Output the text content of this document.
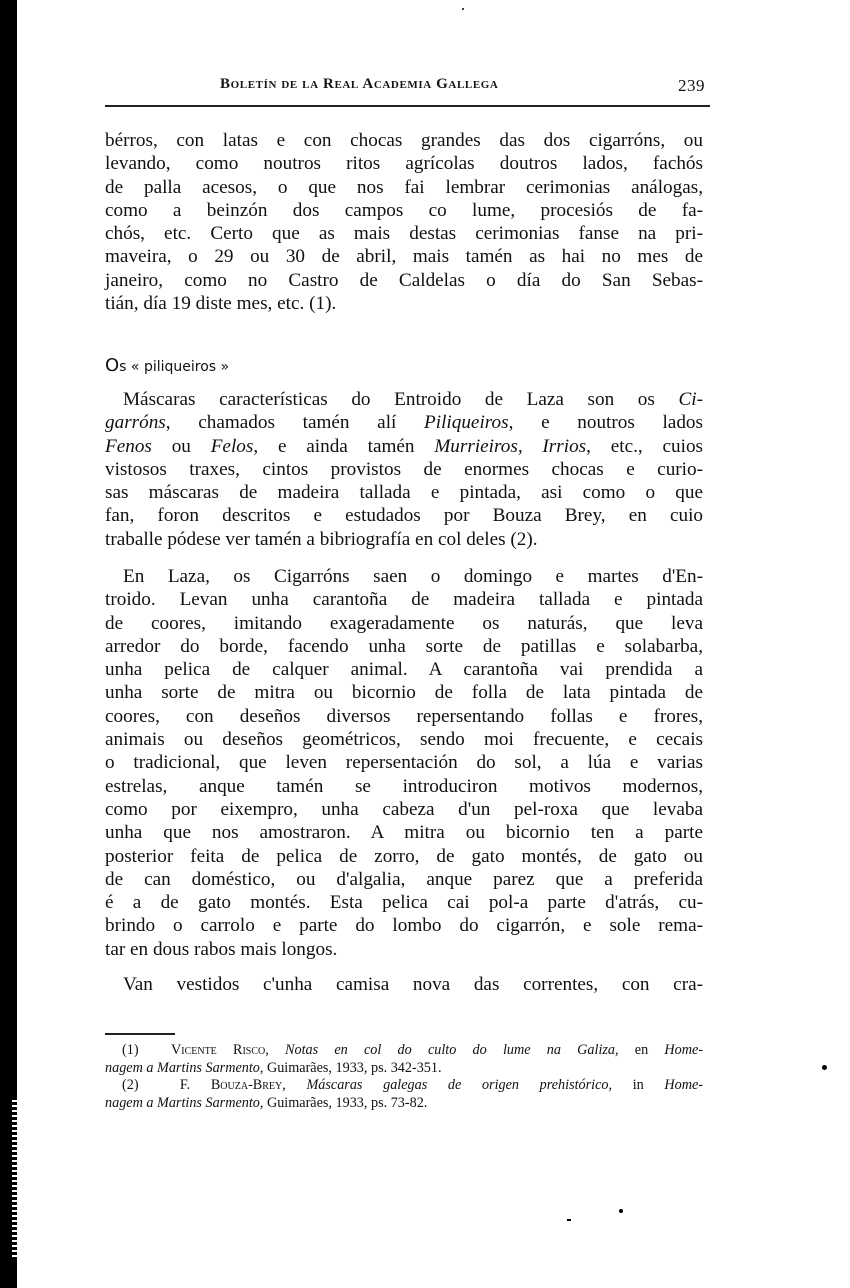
Boletín de la Real Academia Gallega	239
bérros, con latas e con chocas grandes das dos cigarróns, ou
levando, como noutros ritos agrícolas doutros lados, fachós
de palla acesos, o que nos fai lembrar cerimonias análogas,
como a beinzón dos campos co lume, procesiós de fa-
chós, etc. Certo que as mais destas cerimonias fanse na pri-
maveira, o 29 ou 30 de abril, mais tamén as hai no mes de
janeiro, como no Castro de Caldelas o día do San Sebas-
tián, día 19 diste mes, etc. (1).
Os « piliqueiros »
Máscaras características do Entroido de Laza son os Ci-
garróns, chamados tamén alí Piliqueiros, e noutros lados
Fenos ou Felos, e ainda tamén Murrieiros, Irrios, etc., cuios
vistosos traxes, cintos provistos de enormes chocas e curio-
sas máscaras de madeira tallada e pintada, asi como o que
fan, foron descritos e estudados por Bouza Brey, en cuio
traballe pódese ver tamén a bibriografía en col deles (2).
En Laza, os Cigarróns saen o domingo e martes d'En-
troido. Levan unha carantoña de madeira tallada e pintada
de coores, imitando exageradamente os naturás, que leva
arredor do borde, facendo unha sorte de patillas e solabarba,
unha pelica de calquer animal. A carantoña vai prendida a
unha sorte de mitra ou bicornio de folla de lata pintada de
coores, con deseños diversos repersentando follas e frores,
animais ou deseños geométricos, sendo moi frecuente, e cecais
o tradicional, que leven repersentación do sol, a lúa e varias
estrelas, anque tamén se introduciron motivos modernos,
como por eixempro, unha cabeza d'un pel-roxa que levaba
unha que nos amostraron. A mitra ou bicornio ten a parte
posterior feita de pelica de zorro, de gato montés, de gato ou
de can doméstico, ou d'algalia, anque parez que a preferida
é a de gato montés. Esta pelica cai pol-a parte d'atrás, cu-
brindo o carrolo e parte do lombo do cigarrón, e sole rema-
tar en dous rabos mais longos.
Van vestidos c'unha camisa nova das correntes, con cra-
(1) Vicente Risco, Notas en col do culto do lume na Galiza, en Home-
nagem a Martins Sarmento, Guimarães, 1933, ps. 342-351.
(2)	F. Bouza-Brey, Máscaras galegas de origen prehistórico, in Home-
nagem a Martins Sarmento, Guimarães, 1933, ps. 73-82.
